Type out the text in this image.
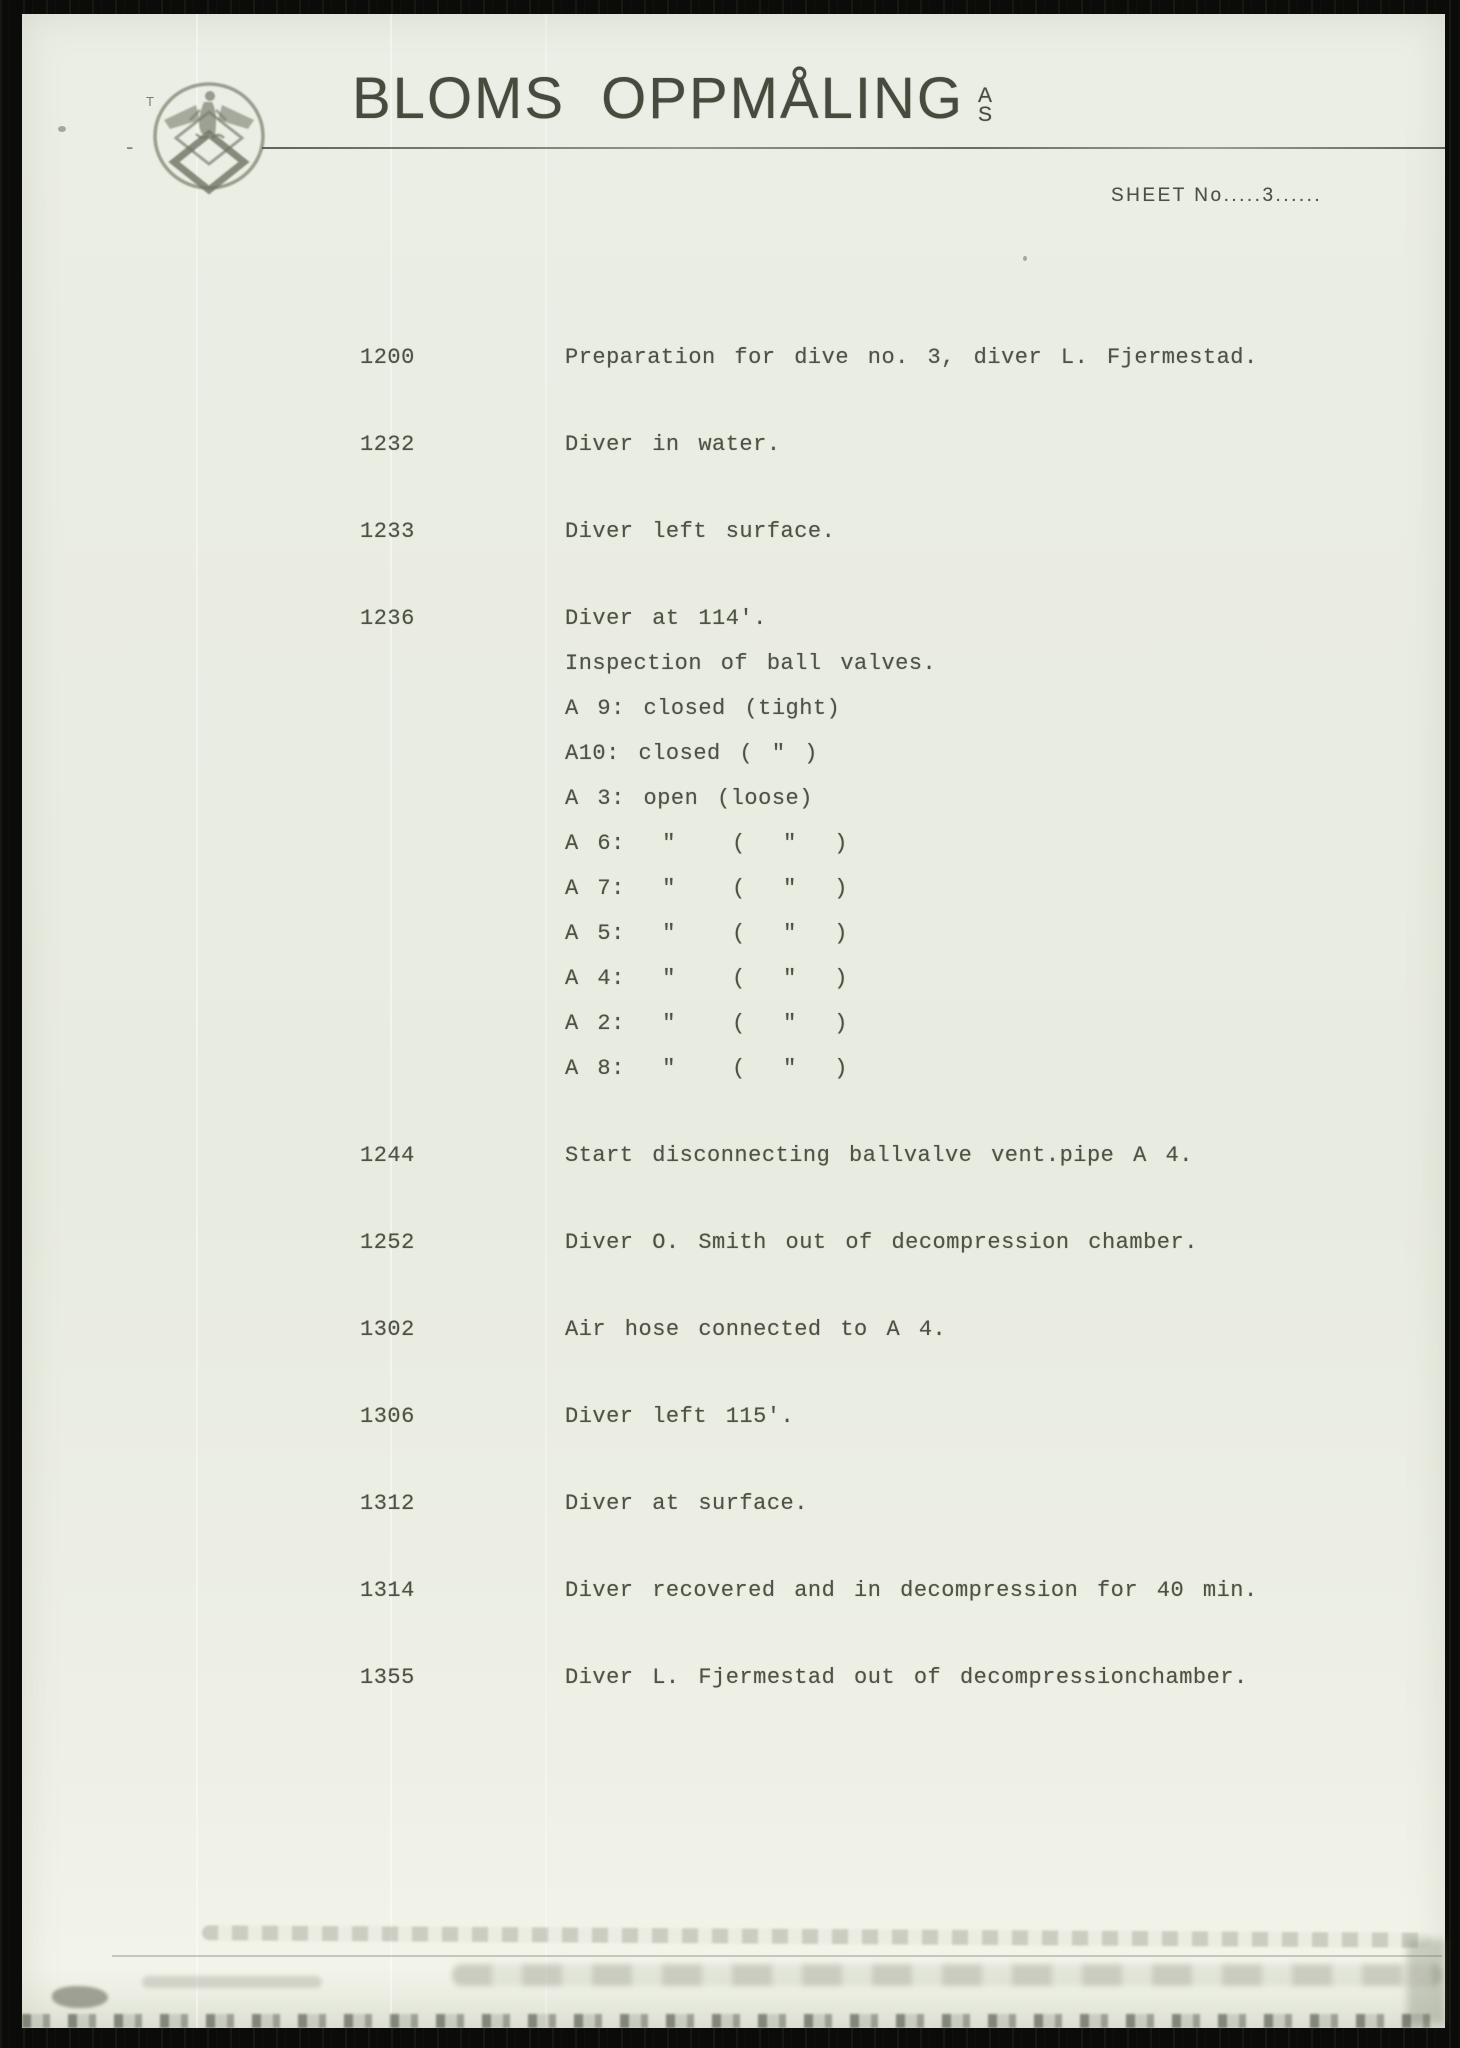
T
-
BLOMS OPPMÅLING A
S
SHEET No.....3......
1200	Preparation for dive no. 3, diver L. Fjermestad.
1232	Diver in water.
1233	Diver left surface.
1236	Diver at 114'.
Inspection of ball valves.
A 9: closed (tight)
A10: closed ( " )
A 3: open (loose)
A 6:  "   (  "  )
A 7:  "   (  "  )
A 5:  "   (  "  )
A 4:  "   (  "  )
A 2:  "   (  "  )
A 8:  "   (  "  )
1244	Start disconnecting ballvalve vent.pipe A 4.
1252	Diver O. Smith out of decompression chamber.
1302	Air hose connected to A 4.
1306	Diver left 115'.
1312	Diver at surface.
1314	Diver recovered and in decompression for 40 min.
1355	Diver L. Fjermestad out of decompressionchamber.
